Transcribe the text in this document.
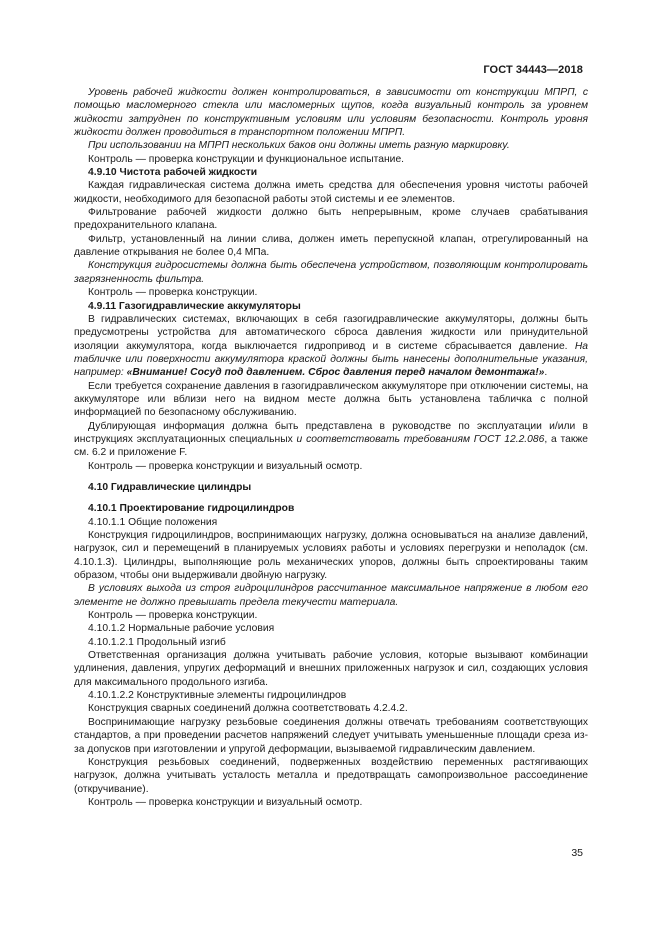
ГОСТ 34443—2018

Уровень рабочей жидкости должен контролироваться, в зависимости от конструкции МПРП, с помощью масломерного стекла или масломерных щупов, когда визуальный контроль за уровнем жидкости затруднен по конструктивным условиям или условиям безопасности. Контроль уровня жидкости должен проводиться в транспортном положении МПРП.

При использовании на МПРП нескольких баков они должны иметь разную маркировку.

Контроль — проверка конструкции и функциональное испытание.

4.9.10 Чистота рабочей жидкости

Каждая гидравлическая система должна иметь средства для обеспечения уровня чистоты рабочей жидкости, необходимого для безопасной работы этой системы и ее элементов.

Фильтрование рабочей жидкости должно быть непрерывным, кроме случаев срабатывания предохранительного клапана.

Фильтр, установленный на линии слива, должен иметь перепускной клапан, отрегулированный на давление открывания не более 0,4 МПа.

Конструкция гидросистемы должна быть обеспечена устройством, позволяющим контролировать загрязненность фильтра.

Контроль — проверка конструкции.

4.9.11 Газогидравлические аккумуляторы

В гидравлических системах, включающих в себя газогидравлические аккумуляторы, должны быть предусмотрены устройства для автоматического сброса давления жидкости или принудительной изоляции аккумулятора, когда выключается гидропривод и в системе сбрасывается давление. На табличке или поверхности аккумулятора краской должны быть нанесены дополнительные указания, например: «Внимание! Сосуд под давлением. Сброс давления перед началом демонтажа!».

Если требуется сохранение давления в газогидравлическом аккумуляторе при отключении системы, на аккумуляторе или вблизи него на видном месте должна быть установлена табличка с полной информацией по безопасному обслуживанию.

Дублирующая информация должна быть представлена в руководстве по эксплуатации и/или в инструкциях эксплуатационных специальных и соответствовать требованиям ГОСТ 12.2.086, а также см. 6.2 и приложение F.

Контроль — проверка конструкции и визуальный осмотр.

4.10 Гидравлические цилиндры

4.10.1 Проектирование гидроцилиндров

4.10.1.1 Общие положения

Конструкция гидроцилиндров, воспринимающих нагрузку, должна основываться на анализе давлений, нагрузок, сил и перемещений в планируемых условиях работы и условиях перегрузки и неполадок (см. 4.10.1.3). Цилиндры, выполняющие роль механических упоров, должны быть спроектированы таким образом, чтобы они выдерживали двойную нагрузку.

В условиях выхода из строя гидроцилиндров рассчитанное максимальное напряжение в любом его элементе не должно превышать предела текучести материала.

Контроль — проверка конструкции.

4.10.1.2 Нормальные рабочие условия

4.10.1.2.1 Продольный изгиб

Ответственная организация должна учитывать рабочие условия, которые вызывают комбинации удлинения, давления, упругих деформаций и внешних приложенных нагрузок и сил, создающих условия для максимального продольного изгиба.

4.10.1.2.2 Конструктивные элементы гидроцилиндров

Конструкция сварных соединений должна соответствовать 4.2.4.2.

Воспринимающие нагрузку резьбовые соединения должны отвечать требованиям соответствующих стандартов, а при проведении расчетов напряжений следует учитывать уменьшенные площади среза из-за допусков при изготовлении и упругой деформации, вызываемой гидравлическим давлением.

Конструкция резьбовых соединений, подверженных воздействию переменных растягивающих нагрузок, должна учитывать усталость металла и предотвращать самопроизвольное рассоединение (откручивание).

Контроль — проверка конструкции и визуальный осмотр.

35
